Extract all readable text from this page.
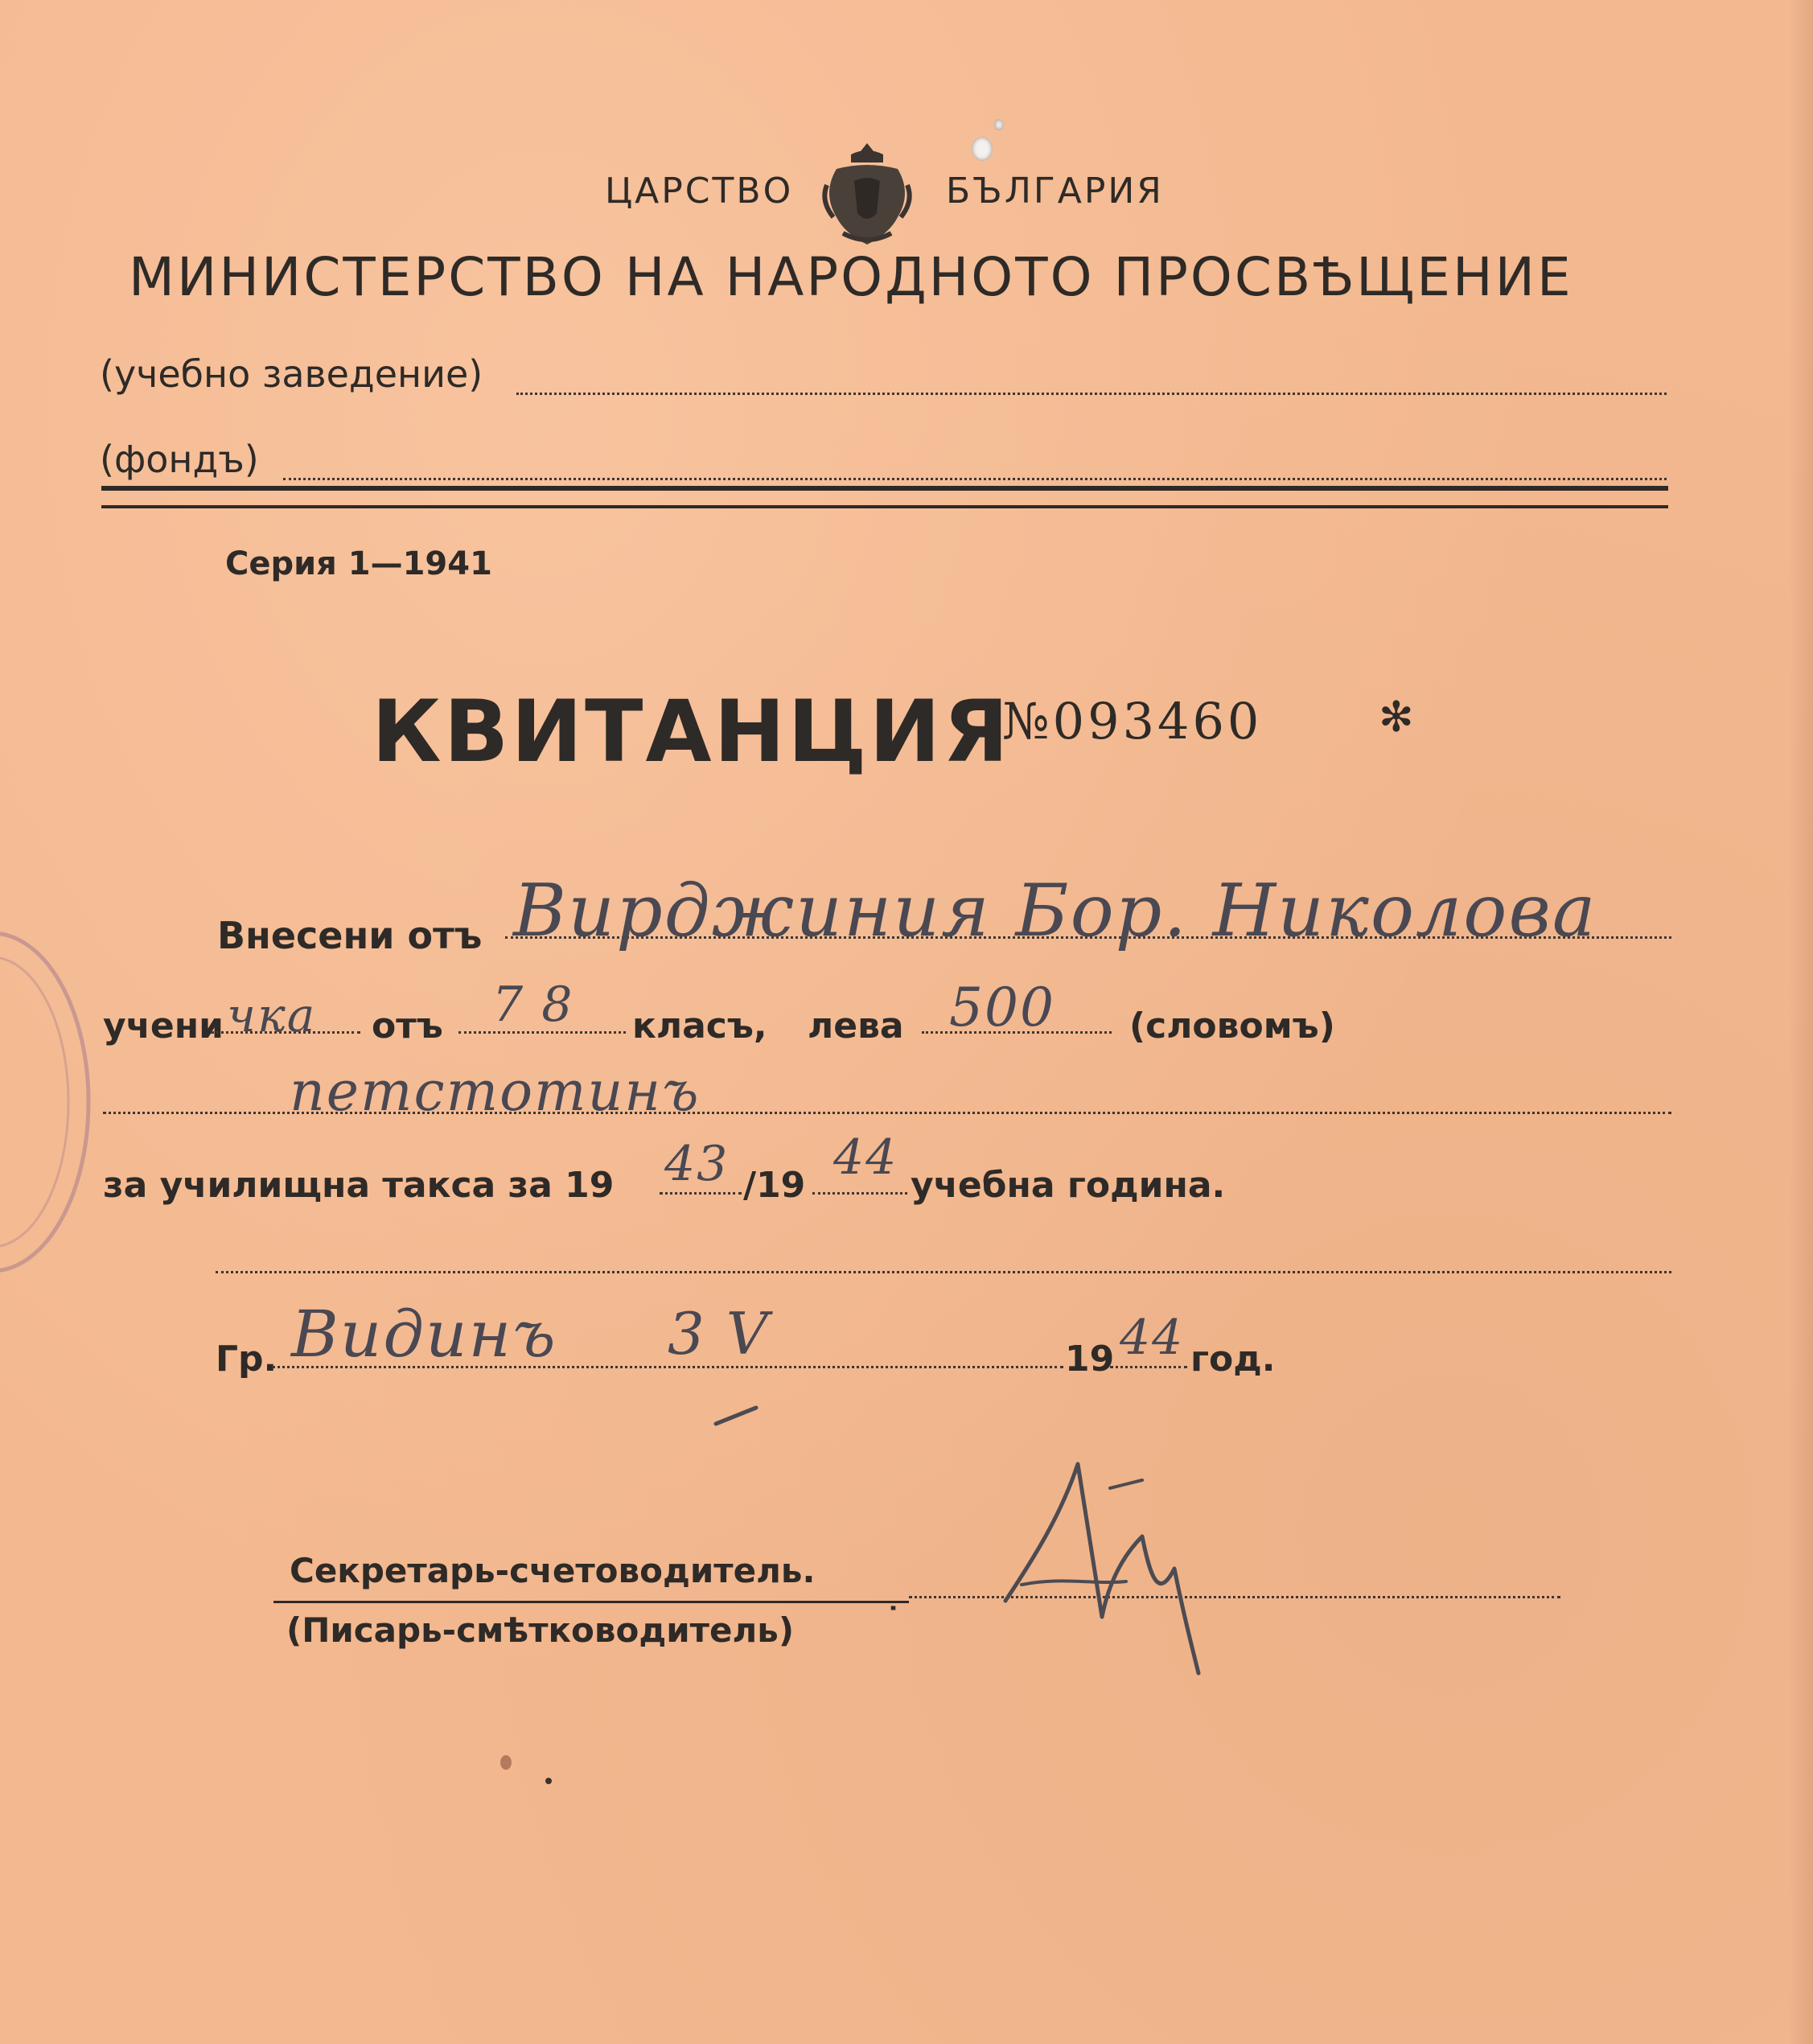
ЦАРСТВО	БЪЛГАРИЯ
МИНИСТЕРСТВО НА НАРОДНОТО ПРОСВѢЩЕНИЕ
(учебно заведение)
(фондъ)
Серия 1—1941
КВИТАНЦИЯ
№093460	✻
Внесени отъ Вирджиния Бор. Николова
учени чка отъ 7 8 класъ, лева 500 (словомъ)
петстотинъ
за училищна такса за 19 43 /19 44 учебна година.
Гр. Видинъ 3 V	19 44 год.
Секретарь-счетоводитель.
(Писарь-смѣтководитель)	˙
